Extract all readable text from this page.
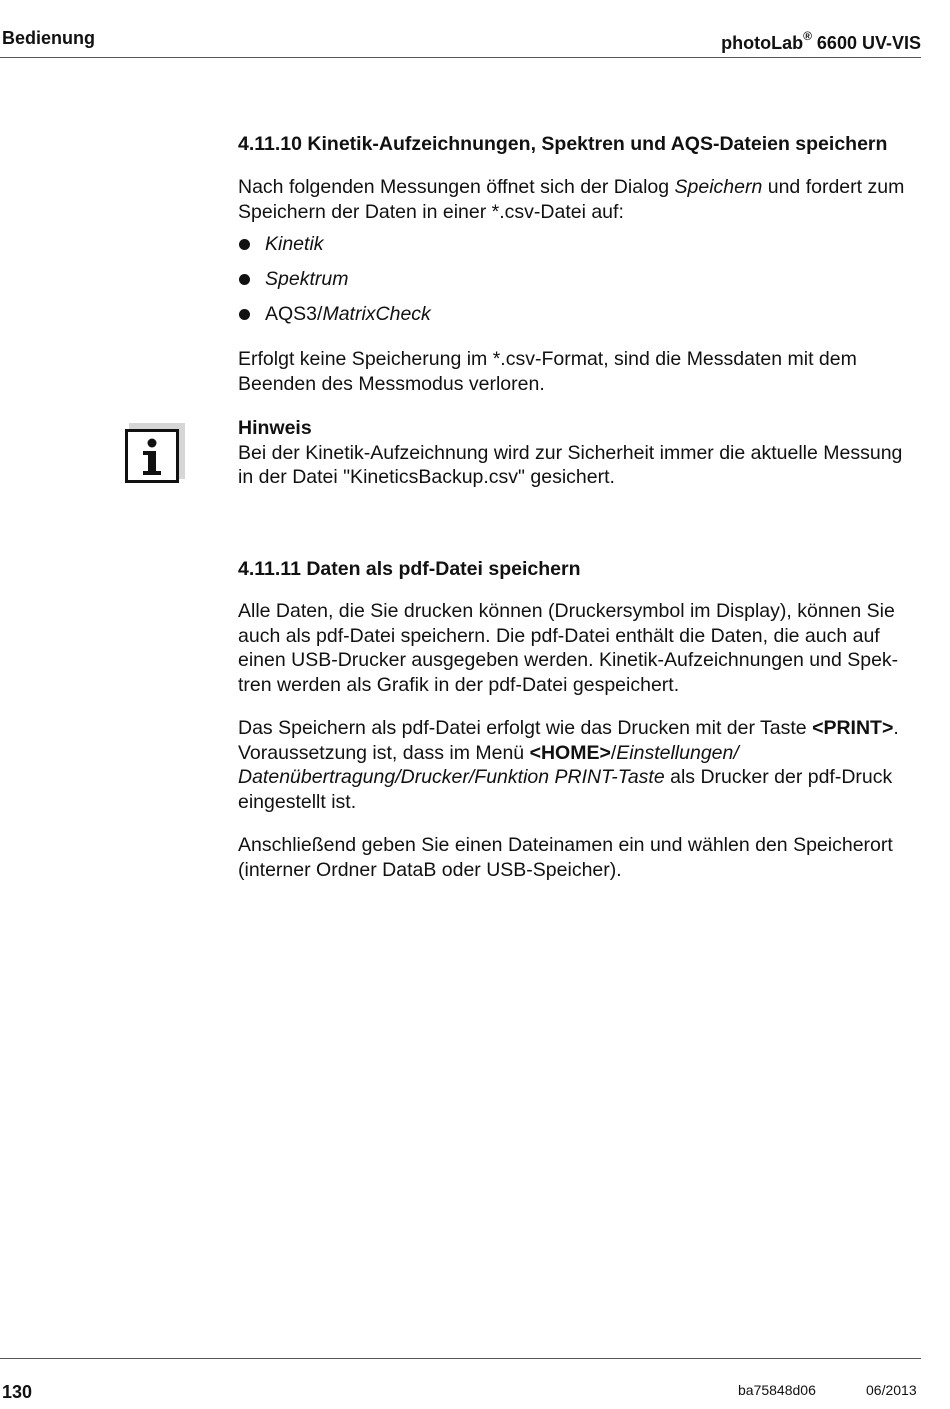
Bedienung	photoLab® 6600 UV-VIS
4.11.10 Kinetik-Aufzeichnungen, Spektren und AQS-Dateien speichern

Nach folgenden Messungen öffnet sich der Dialog Speichern und fordert zum Speichern der Daten in einer *.csv-Datei auf:

Kinetik
Spektrum
AQS3/MatrixCheck

Erfolgt keine Speicherung im *.csv-Format, sind die Messdaten mit dem Beenden des Messmodus verloren.

Hinweis
Bei der Kinetik-Aufzeichnung wird zur Sicherheit immer die aktuelle Messung in der Datei "KineticsBackup.csv" gesichert.
4.11.11 Daten als pdf-Datei speichern

Alle Daten, die Sie drucken können (Druckersymbol im Display), können Sie auch als pdf-Datei speichern. Die pdf-Datei enthält die Daten, die auch auf einen USB-Drucker ausgegeben werden. Kinetik-Aufzeichnungen und Spek-tren werden als Grafik in der pdf-Datei gespeichert.

Das Speichern als pdf-Datei erfolgt wie das Drucken mit der Taste <PRINT>. Voraussetzung ist, dass im Menü <HOME>/Einstellungen/ Datenübertragung/Drucker/Funktion PRINT-Taste als Drucker der pdf-Druck eingestellt ist.

Anschließend geben Sie einen Dateinamen ein und wählen den Speicherort (interner Ordner DataB oder USB-Speicher).

130	ba75848d06	06/2013
